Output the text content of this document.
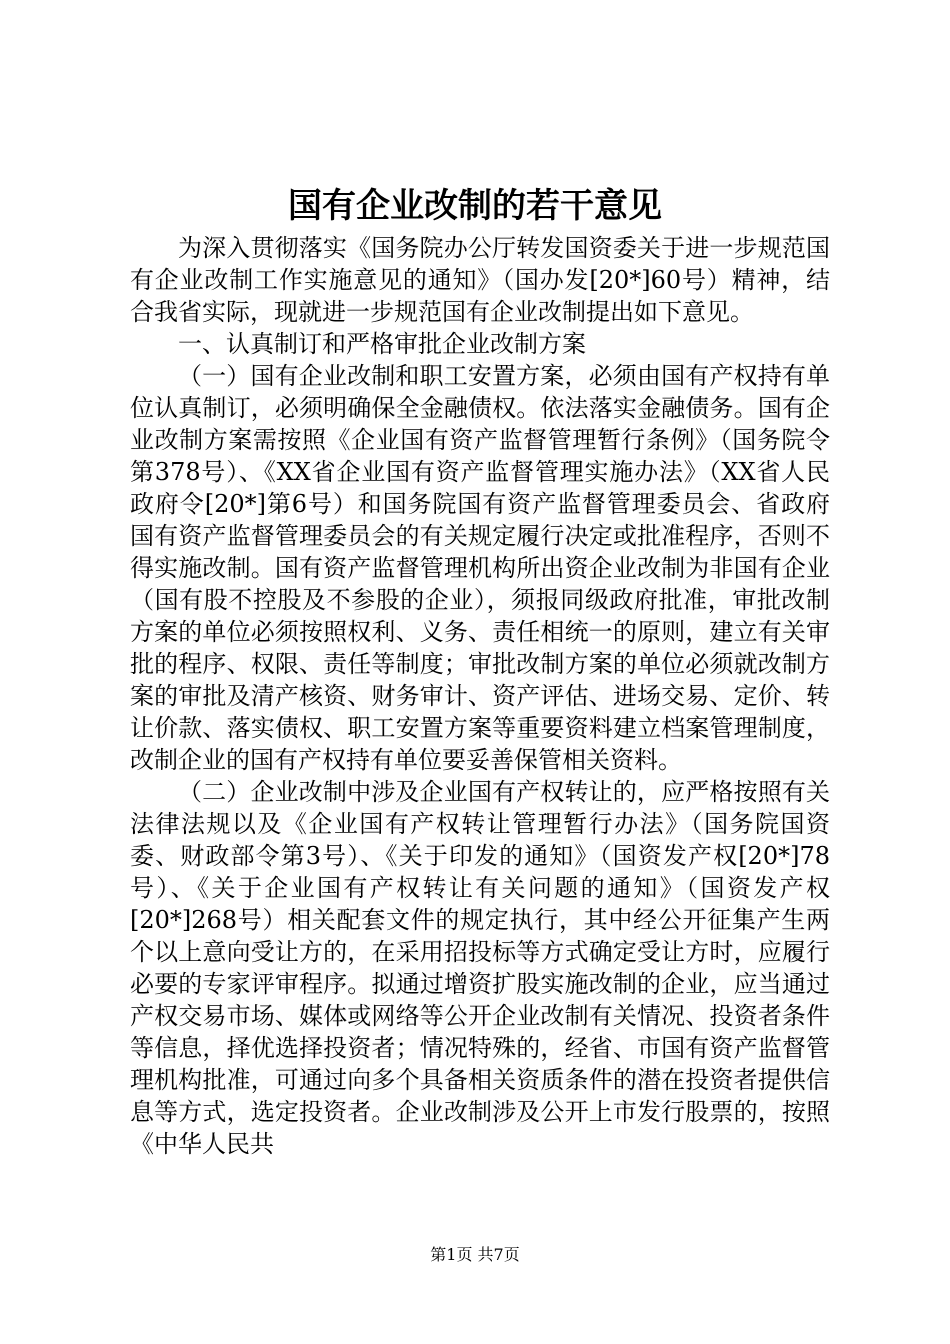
国有企业改制的若干意见

为深入贯彻落实《国务院办公厅转发国资委关于进一步规范国有企业改制工作实施意见的通知》（国办发[20*]60号）精神，结合我省实际，现就进一步规范国有企业改制提出如下意见。

一、认真制订和严格审批企业改制方案

（一）国有企业改制和职工安置方案，必须由国有产权持有单位认真制订，必须明确保全金融债权。依法落实金融债务。国有企业改制方案需按照《企业国有资产监督管理暂行条例》（国务院令第378号）、《XX省企业国有资产监督管理实施办法》（XX省人民政府令[20*]第6号）和国务院国有资产监督管理委员会、省政府国有资产监督管理委员会的有关规定履行决定或批准程序，否则不得实施改制。国有资产监督管理机构所出资企业改制为非国有企业（国有股不控股及不参股的企业），须报同级政府批准，审批改制方案的单位必须按照权利、义务、责任相统一的原则，建立有关审批的程序、权限、责任等制度；审批改制方案的单位必须就改制方案的审批及清产核资、财务审计、资产评估、进场交易、定价、转让价款、落实债权、职工安置方案等重要资料建立档案管理制度，改制企业的国有产权持有单位要妥善保管相关资料。

（二）企业改制中涉及企业国有产权转让的，应严格按照有关法律法规以及《企业国有产权转让管理暂行办法》（国务院国资委、财政部令第3号）、《关于印发的通知》（国资发产权[20*]78号）、《关于企业国有产权转让有关问题的通知》（国资发产权[20*]268号）相关配套文件的规定执行，其中经公开征集产生两个以上意向受让方的，在采用招投标等方式确定受让方时，应履行必要的专家评审程序。拟通过增资扩股实施改制的企业，应当通过产权交易市场、媒体或网络等公开企业改制有关情况、投资者条件等信息，择优选择投资者；情况特殊的，经省、市国有资产监督管理机构批准，可通过向多个具备相关资质条件的潜在投资者提供信息等方式，选定投资者。企业改制涉及公开上市发行股票的，按照《中华人民共

第1页 共7页
